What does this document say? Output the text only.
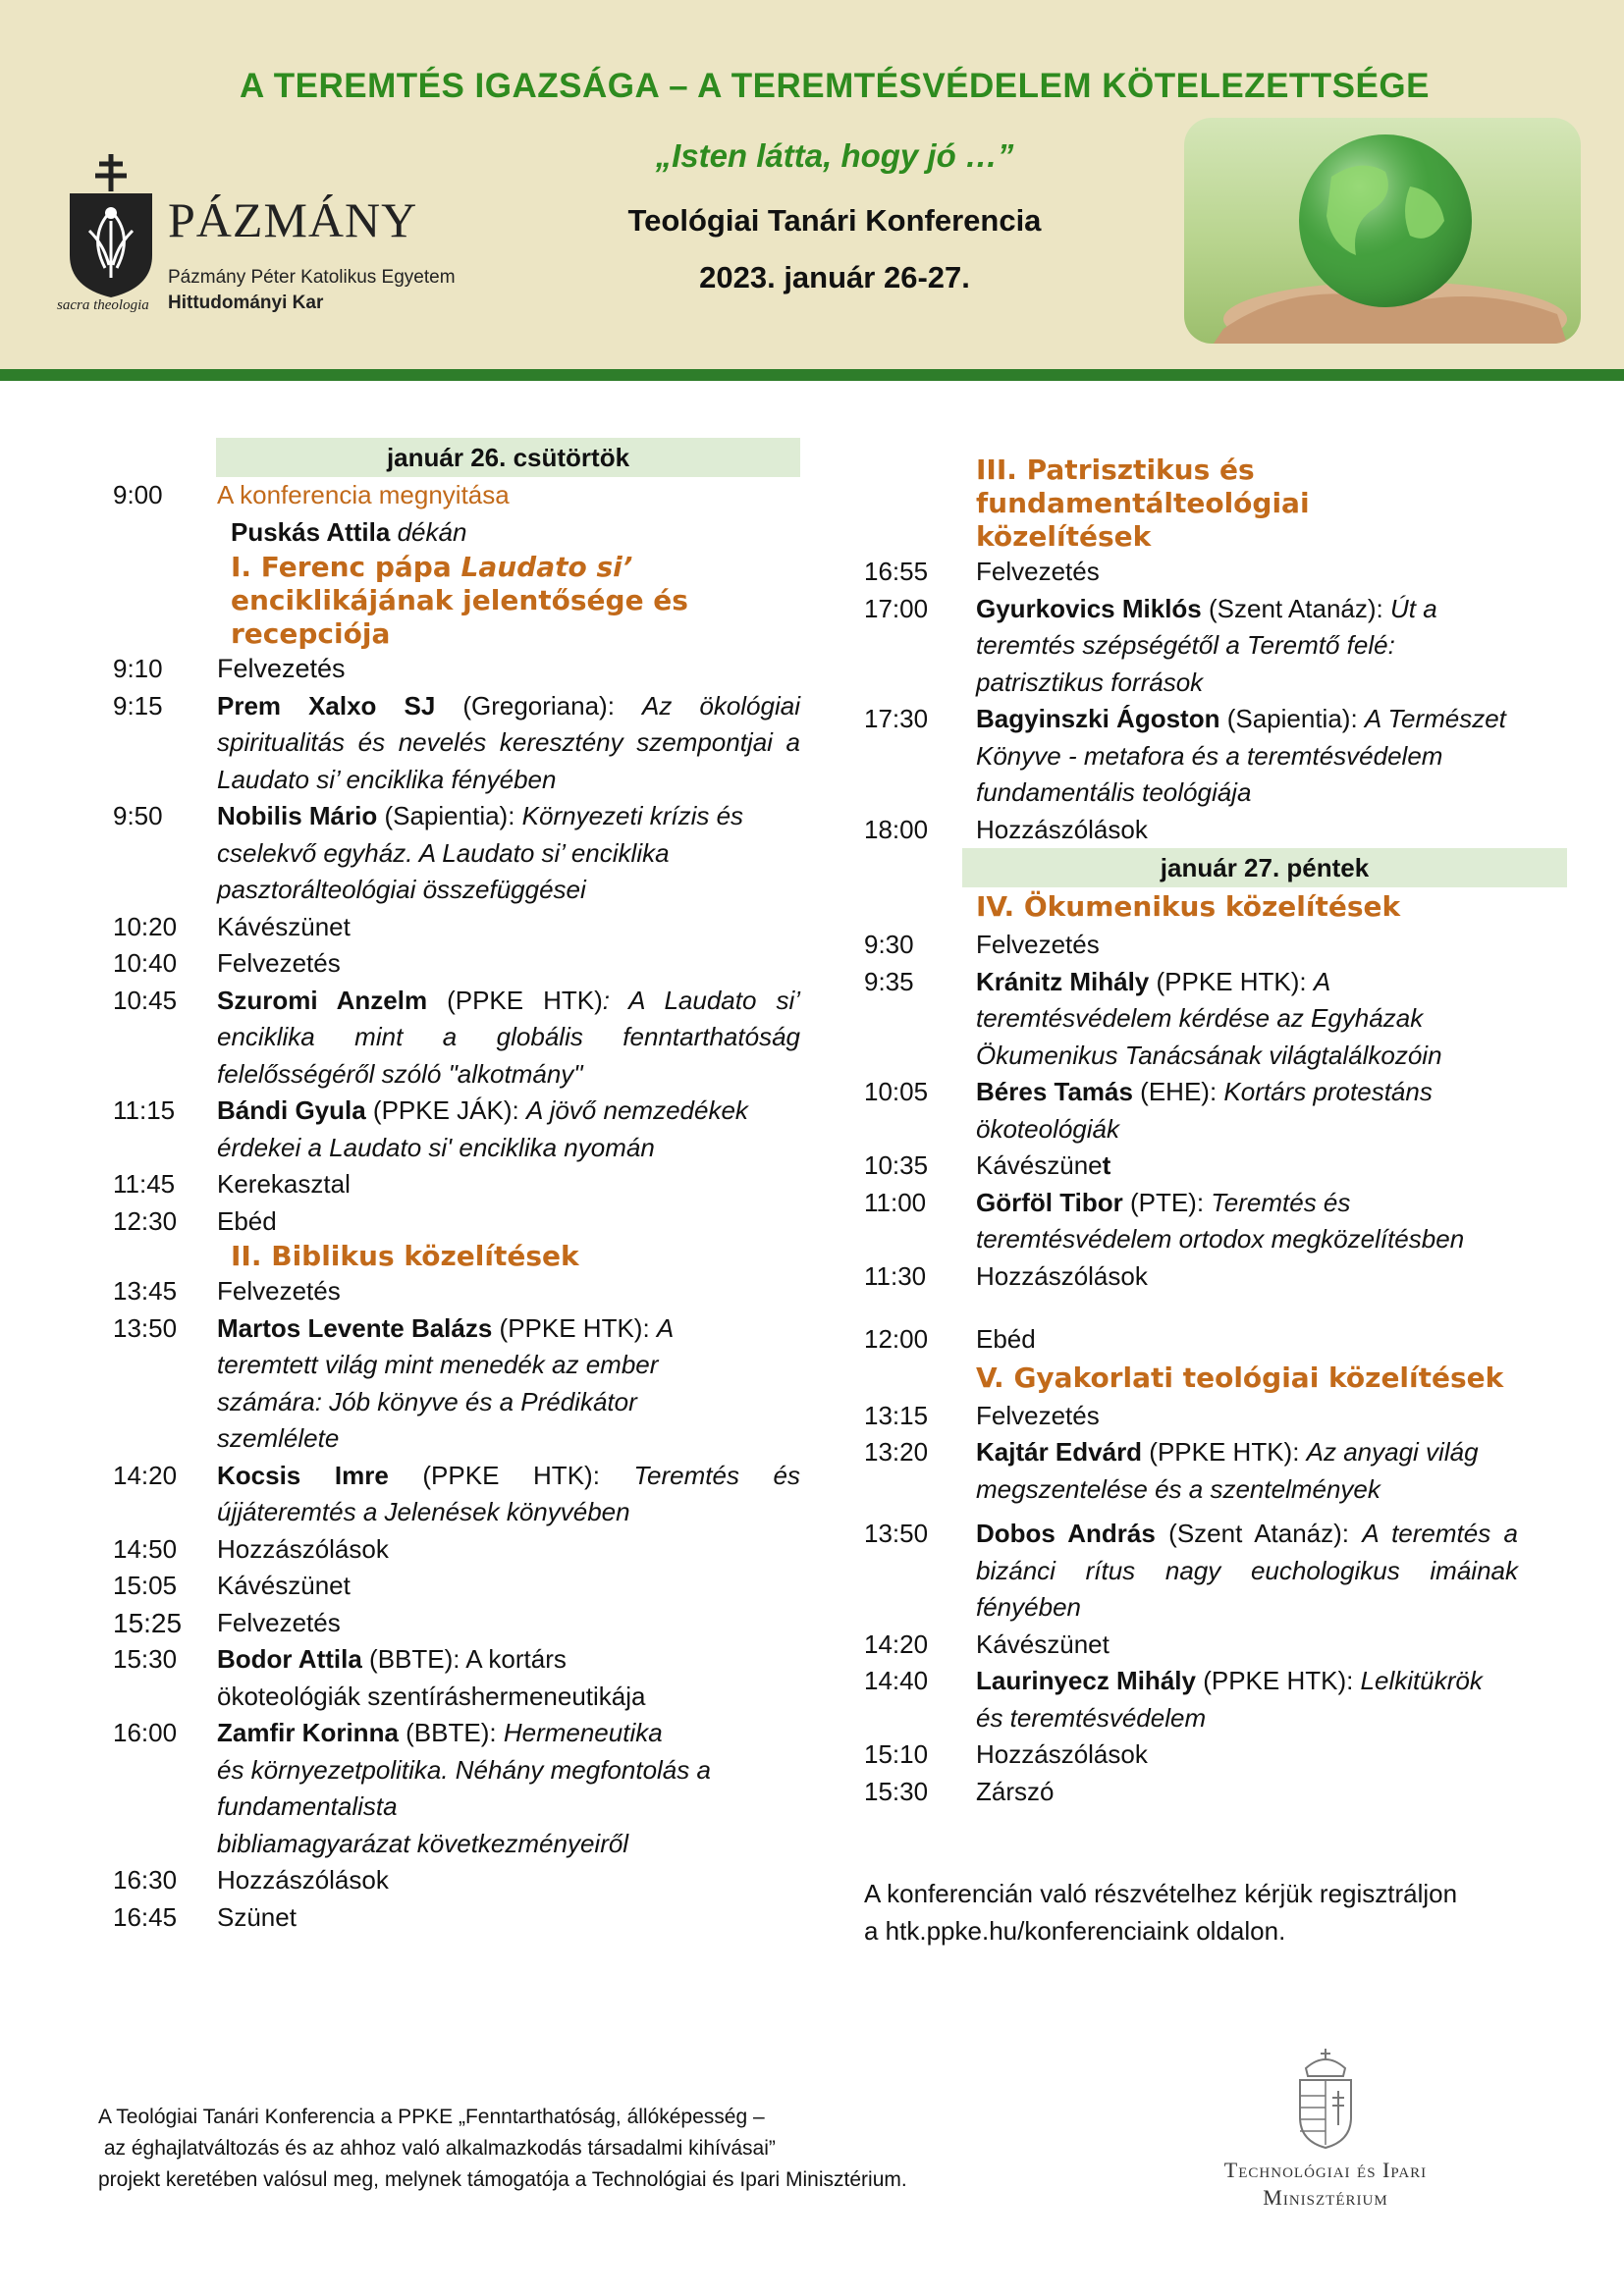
A TEREMTÉS IGAZSÁGA – A TEREMTÉSVÉDELEM KÖTELEZETTSÉGE
„Isten látta, hogy jó …”
Teológiai Tanári Konferencia
2023. január 26-27.
PÁZMÁNY
Pázmány Péter Katolikus Egyetem
Hittudományi Kar
sacra theologia
január 26. csütörtök
9:00	A konferencia megnyitása
Puskás Attila dékán
I. Ferenc pápa Laudato si’ enciklikájának jelentősége és recepciója
9:10	Felvezetés
9:15	Prem Xalxo SJ (Gregoriana): Az ökológiai spiritualitás és nevelés keresztény szempontjai a Laudato si’ enciklika fényében
9:50	Nobilis Mário (Sapientia): Környezeti krízis és cselekvő egyház. A Laudato si’ enciklika pasztorálteológiai összefüggései
10:20	Kávészünet
10:40	Felvezetés
10:45	Szuromi Anzelm (PPKE HTK): A Laudato si’ enciklika mint a globális fenntarthatóság felelősségéről szóló "alkotmány"
11:15	Bándi Gyula (PPKE JÁK): A jövő nemzedékek érdekei a Laudato si' enciklika nyomán
11:45	Kerekasztal
12:30	Ebéd
II. Biblikus közelítések
13:45	Felvezetés
13:50	Martos Levente Balázs (PPKE HTK): A teremtett világ mint menedék az ember számára: Jób könyve és a Prédikátor szemlélete
14:20	Kocsis Imre (PPKE HTK): Teremtés és újjáteremtés a Jelenések könyvében
14:50	Hozzászólások
15:05	Kávészünet
15:25	Felvezetés
15:30	Bodor Attila (BBTE): A kortárs
ökoteológiák szentíráshermeneutikája
16:00	Zamfir Korinna (BBTE): Hermeneutika
és környezetpolitika. Néhány megfontolás a
fundamentalista
bibliamagyarázat következményeiről
16:30	Hozzászólások
16:45	Szünet
III. Patrisztikus és fundamentálteológiai közelítések
16:55	Felvezetés
17:00	Gyurkovics Miklós (Szent Atanáz): Út a teremtés szépségétől a Teremtő felé: patrisztikus források
17:30	Bagyinszki Ágoston (Sapientia): A Természet Könyve - metafora és a teremtésvédelem fundamentális teológiája
18:00	Hozzászólások
január 27. péntek
IV. Ökumenikus közelítések
9:30	Felvezetés
9:35	Kránitz Mihály (PPKE HTK): A teremtésvédelem kérdése az Egyházak Ökumenikus Tanácsának világtalálkozóin
10:05	Béres Tamás (EHE): Kortárs protestáns ökoteológiák
10:35	Kávészünet
11:00	Görföl Tibor (PTE): Teremtés és teremtésvédelem ortodox megközelítésben
11:30	Hozzászólások
12:00	Ebéd
V. Gyakorlati teológiai közelítések
13:15	Felvezetés
13:20	Kajtár Edvárd (PPKE HTK): Az anyagi világ megszentelése és a szentelmények
13:50	Dobos András (Szent Atanáz): A teremtés a bizánci rítus nagy euchologikus imáinak fényében
14:20	Kávészünet
14:40	Laurinyecz Mihály (PPKE HTK): Lelkitükrök és teremtésvédelem
15:10	Hozzászólások
15:30	Zárszó
A konferencián való részvételhez kérjük regisztráljon
a htk.ppke.hu/konferenciaink oldalon.
A Teológiai Tanári Konferencia a PPKE „Fenntarthatóság, állóképesség –
az éghajlatváltozás és az ahhoz való alkalmazkodás társadalmi kihívásai”
projekt keretében valósul meg, melynek támogatója a Technológiai és Ipari Minisztérium.	Technológiai és Ipari
Minisztérium
